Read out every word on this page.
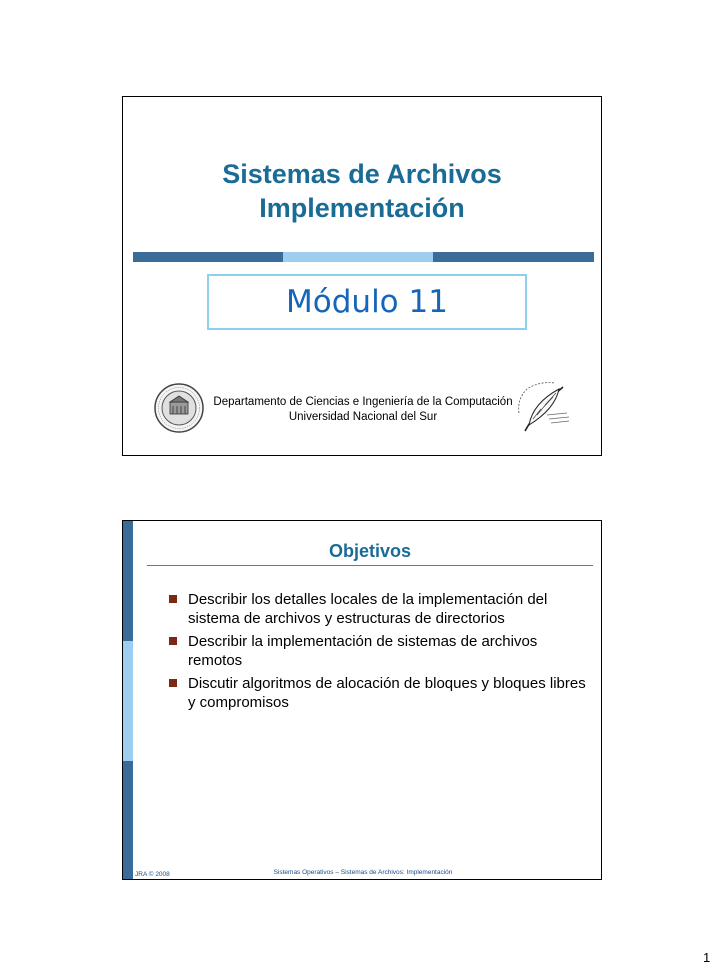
Sistemas de Archivos
Implementación
Módulo 11
Departamento de Ciencias e Ingeniería de la Computación
Universidad Nacional del Sur
Objetivos
Describir los detalles locales de la implementación del sistema de archivos y estructuras de directorios
Describir la implementación de sistemas de archivos remotos
Discutir algoritmos de alocación de bloques y bloques libres y compromisos
JRA © 2008	Sistemas Operativos – Sistemas de Archivos: Implementación
1
